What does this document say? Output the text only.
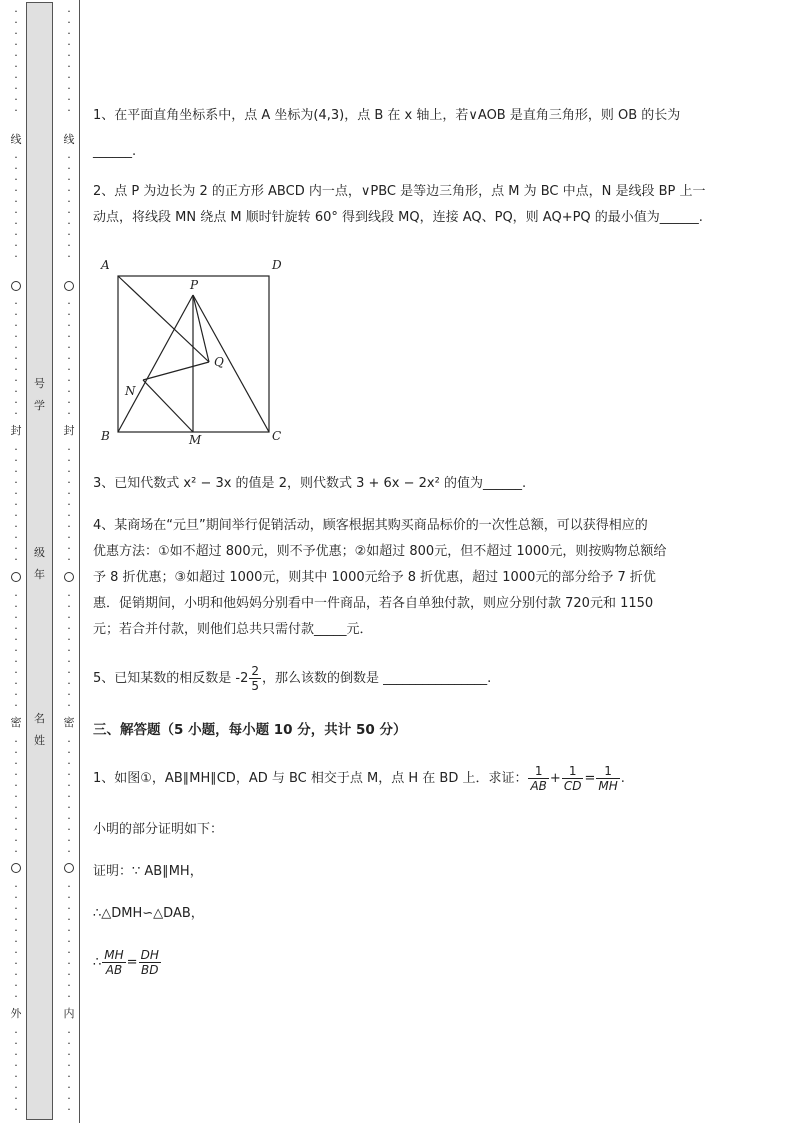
·
·
·
·
·
·
·
·
·
·

线
·
·
·
·
·
·
·
·
·
·

·
·
·
·
·
·
·
·
·
·
·

封
·
·
·
·
·
·
·
·
·
·
·

·
·
·
·
·
·
·
·
·
·
·

密
·
·
·
·
·
·
·
·
·
·
·

·
·
·
·
·
·
·
·
·
·
·

外
·
·
·
·
·
·
·
·

号
学
级
年
名
姓
·
·
·
·
·
·
·
·
·
·

线
·
·
·
·
·
·
·
·
·
·

·
·
·
·
·
·
·
·
·
·
·

封
·
·
·
·
·
·
·
·
·
·
·

·
·
·
·
·
·
·
·
·
·
·

密
·
·
·
·
·
·
·
·
·
·
·

·
·
·
·
·
·
·
·
·
·
·

内
·
·
·
·
·
·
·
·

1、在平面直角坐标系中，点 A 坐标为(4,3)，点 B 在 x 轴上，若∨AOB 是直角三角形，则 OB 的长为
______.
2、点 P 为边长为 2 的正方形 ABCD 内一点，∨PBC 是等边三角形，点 M 为 BC 中点，N 是线段 BP 上一
动点，将线段 MN 绕点 M 顺时针旋转 60° 得到线段 MQ，连接 AQ、PQ，则 AQ+PQ 的最小值为______.
3、已知代数式 x² − 3x 的值是 2，则代数式 3 + 6x − 2x² 的值为______.
4、某商场在“元旦”期间举行促销活动，顾客根据其购买商品标价的一次性总额，可以获得相应的
优惠方法：①如不超过 800元，则不予优惠；②如超过 800元，但不超过 1000元，则按购物总额给
予 8 折优惠；③如超过 1000元，则其中 1000元给予 8 折优惠，超过 1000元的部分给予 7 折优
惠．促销期间，小明和他妈妈分别看中一件商品，若各自单独付款，则应分别付款 720元和 1150
元；若合并付款，则他们总共只需付款_____元．
5、已知某数的相反数是 $-2 \frac{2}{5}$ ，那么该数的倒数是 ________________.
三、解答题（5 小题，每小题 10 分，共计 50 分）
1、如图①，AB∥MH∥CD，AD 与 BC 相交于点 M，点 H 在 BD 上．求证： $\frac{1}{AB} + \frac{1}{CD} = \frac{1}{MH}$ .
小明的部分证明如下：
证明：∵ AB∥MH，
∴△DMH∽△DAB，
∴ $\frac{MH}{AB} = \frac{DH}{BD}$
A	D
P
Q
N
B	M	C
